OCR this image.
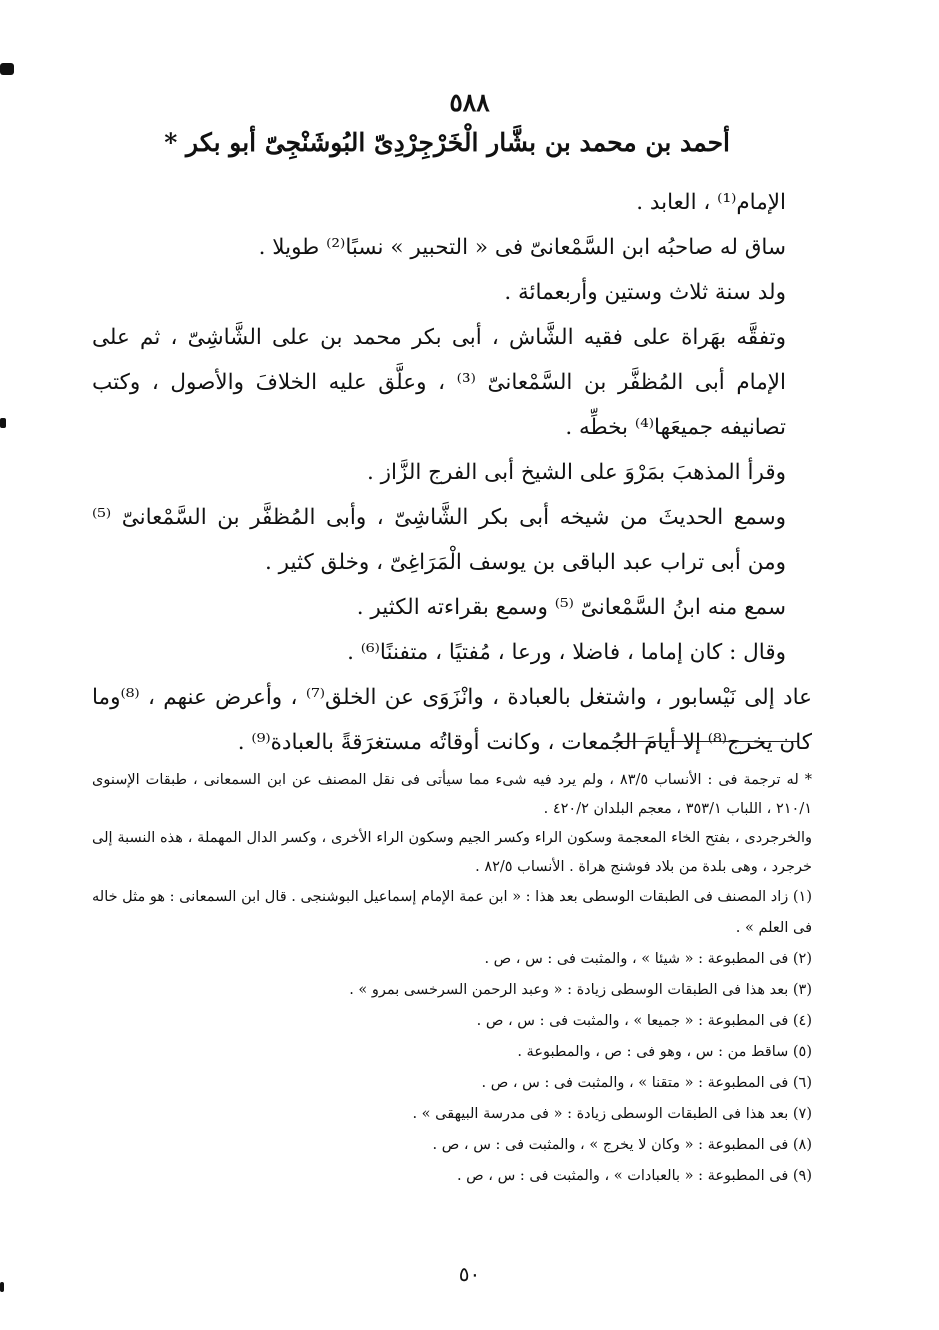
٥٨٨
أحمد بن محمد بن بشَّار الْخَرْجِرْدِىّ البُوشَنْجِىّ أبو بكر *

الإمام⁽¹⁾ ، العابد .

ساق له صاحبُه ابن السَّمْعانىّ فى « التحبير » نسبًا⁽²⁾ طويلا .

ولد سنة ثلاث وستين وأربعمائة .

وتفقَّه بهَراة على فقيه الشَّاش ، أبى بكر محمد بن على الشَّاشِىّ ، ثم على الإمام أبى المُظفَّر بن السَّمْعانىّ ⁽³⁾ ، وعلَّق عليه الخلافَ والأصول ، وكتب تصانيفه جميعَها⁽⁴⁾ بخطِّه .

وقرأ المذهبَ بمَرْوَ على الشيخ أبى الفرج الزَّاز .

وسمع الحديثَ من شيخه أبى بكر الشَّاشِىّ ، وأبى المُظفَّر بن السَّمْعانىّ ⁽⁵⁾ ومن أبى تراب عبد الباقى بن يوسف الْمَرَاغِىّ ، وخلق كثير .

سمع منه ابنُ السَّمْعانىّ ⁽⁵⁾ وسمع بقراءته الكثير .

وقال : كان إماما ، فاضلا ، ورعا ، مُفتيًا ، متفننًا⁽⁶⁾ .

عاد إلى نَيْسابور ، واشتغل بالعبادة ، وانْزَوَى عن الخلق⁽⁷⁾ ، وأعرض عنهم ، ⁽⁸⁾وما كان يخرج⁽⁸⁾ إلا أيامَ الجُمعات ، وكانت أوقاتُه مستغرَقةً بالعبادة⁽⁹⁾ .

* له ترجمة فى : الأنساب ٨٣/٥ ، ولم يرد فيه شىء مما سيأتى فى نقل المصنف عن ابن السمعانى ، طبقات الإسنوى ٢١٠/١ ، اللباب ٣٥٣/١ ، معجم البلدان ٤٢٠/٢ .

والخرجردى ، بفتح الخاء المعجمة وسكون الراء وكسر الجيم وسكون الراء الأخرى ، وكسر الدال المهملة ، هذه النسبة إلى خرجرد ، وهى بلدة من بلاد فوشنج هراة . الأنساب ٨٢/٥ .

(١) زاد المصنف فى الطبقات الوسطى بعد هذا : « ابن عمة الإمام إسماعيل البوشنجى . قال ابن السمعانى : هو مثل خاله فى العلم » .

(٢) فى المطبوعة : « شيئا » ، والمثبت فى : س ، ص .

(٣) بعد هذا فى الطبقات الوسطى زيادة : « وعبد الرحمن السرخسى بمرو » .

(٤) فى المطبوعة : « جميعا » ، والمثبت فى : س ، ص .

(٥) ساقط من : س ، وهو فى : ص ، والمطبوعة .

(٦) فى المطبوعة : « متقنا » ، والمثبت فى : س ، ص .

(٧) بعد هذا فى الطبقات الوسطى زيادة : « فى مدرسة البيهقى » .

(٨) فى المطبوعة : « وكان لا يخرج » ، والمثبت فى : س ، ص .

(٩) فى المطبوعة : « بالعبادات » ، والمثبت فى : س ، ص .

٥٠
